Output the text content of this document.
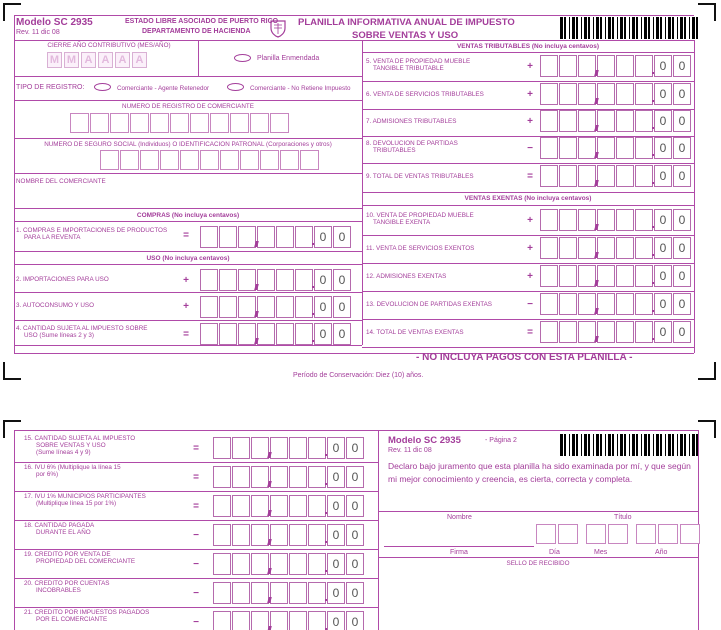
Modelo SC 2935
Rev. 11 dic 08
ESTADO LIBRE ASOCIADO DE PUERTO RICO
DEPARTAMENTO DE HACIENDA
PLANILLA INFORMATIVA ANUAL DE IMPUESTO
SOBRE VENTAS Y USO
CIERRE AÑO CONTRIBUTIVO (MES/AÑO)
M M A A A A	Planilla Enmendada
TIPO DE REGISTRO:	Comerciante - Agente Retenedor	Comerciante - No Retiene Impuesto
NUMERO DE REGISTRO DE COMERCIANTE
NUMERO DE SEGURO SOCIAL (Individuos) O IDENTIFICACION PATRONAL (Corporaciones y otros)
NOMBRE DEL COMERCIANTE
COMPRAS (No incluya centavos)
1. COMPRAS E IMPORTACIONES DE PRODUCTOS
PARA LA REVENTA	=	0	0
USO (No incluya centavos)
2. IMPORTACIONES PARA USO	+	0	0
3. AUTOCONSUMO Y USO	+	0	0
4. CANTIDAD SUJETA AL IMPUESTO SOBRE
USO (Sume líneas 2 y 3)	=	0	0
VENTAS TRIBUTABLES (No incluya centavos)
5. VENTA DE PROPIEDAD MUEBLE
TANGIBLE TRIBUTABLE	+	0	0
6. VENTA DE SERVICIOS TRIBUTABLES	+	0	0
7. ADMISIONES TRIBUTABLES	+	0	0
8. DEVOLUCION DE PARTIDAS
TRIBUTABLES	−	0	0
9. TOTAL DE VENTAS TRIBUTABLES	=	0	0
10. VENTA DE PROPIEDAD MUEBLE
TANGIBLE EXENTA	+	0	0
11. VENTA DE SERVICIOS EXENTOS	+	0	0
12. ADMISIONES EXENTAS	+	0	0
13. DEVOLUCION DE PARTIDAS EXENTAS	−	0	0
14. TOTAL DE VENTAS EXENTAS	=	0	0
VENTAS EXENTAS (No incluya centavos)
- NO INCLUYA PAGOS CON ESTA PLANILLA -
Período de Conservación: Diez (10) años.
15. CANTIDAD SUJETA AL IMPUESTO
SOBRE VENTAS Y USO
(Sume líneas 4 y 9)	=	0	0
16. IVU 6% (Multiplique la línea 15
por 6%)	=	0	0
17. IVU 1% MUNICIPIOS PARTICIPANTES
(Multiplique línea 15 por 1%)	=	0	0
18. CANTIDAD PAGADA
DURANTE EL AÑO	−	0	0
19. CREDITO POR VENTA DE
PROPIEDAD DEL COMERCIANTE	−	0	0
20. CREDITO POR CUENTAS
INCOBRABLES	−	0	0
21. CREDITO POR IMPUESTOS PAGADOS
POR EL COMERCIANTE	−	0	0
Modelo SC 2935	- Página 2
Rev. 11 dic 08
Declaro bajo juramento que esta planilla ha sido examinada por mí, y que según mi mejor conocimiento y creencia, es cierta, correcta y completa.
Nombre	Título
Firma	Día	Mes	Año
SELLO DE RECIBIDO
